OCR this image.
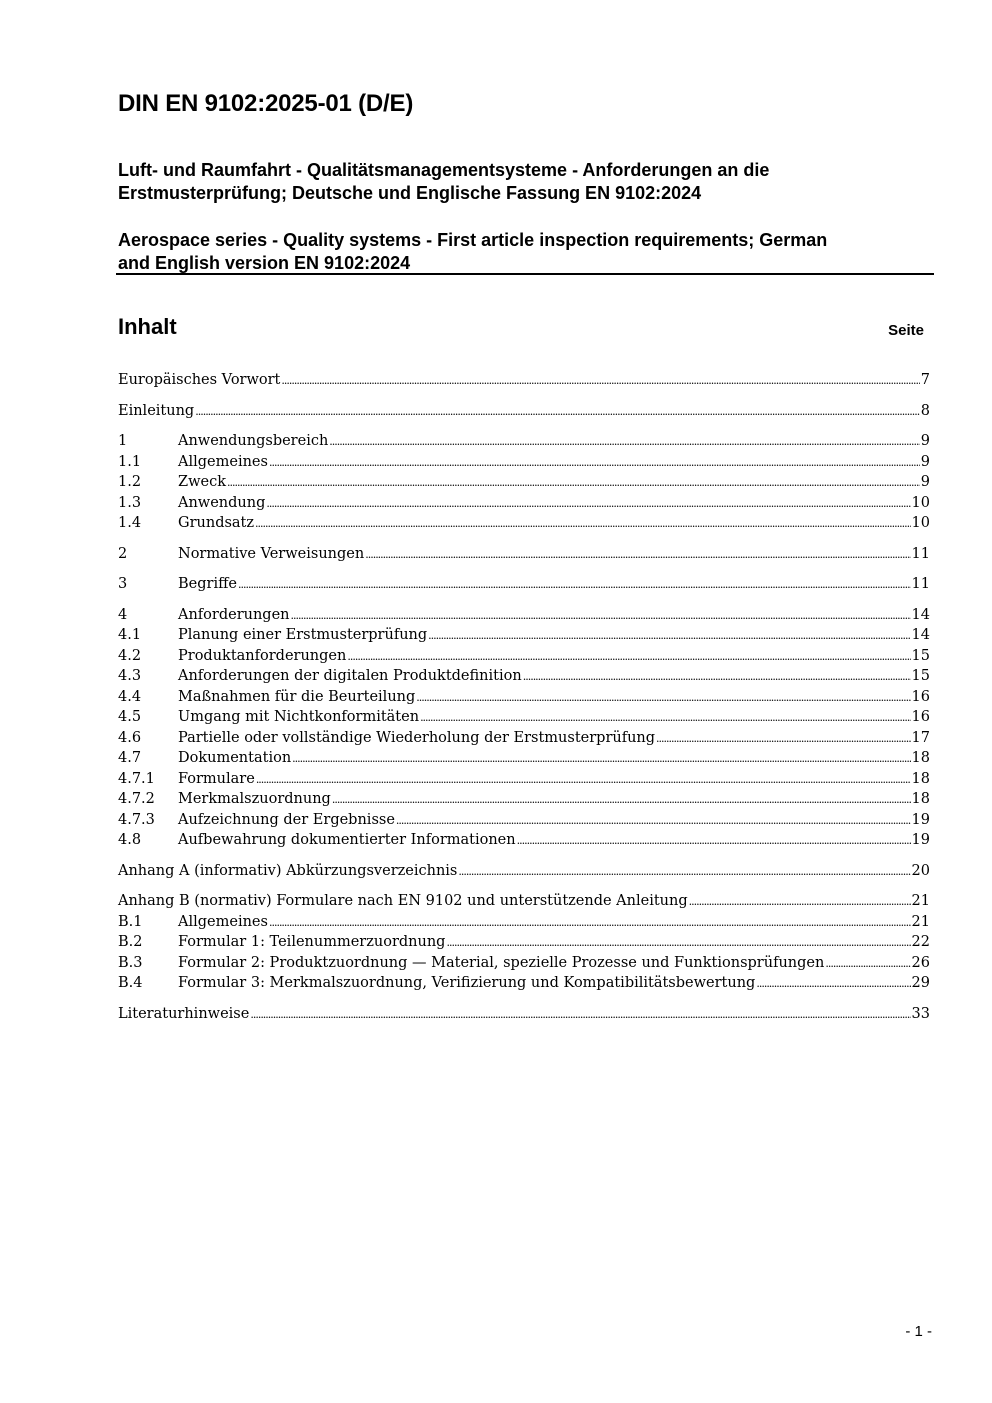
DIN EN 9102:2025-01 (D/E)
Luft- und Raumfahrt - Qualitätsmanagementsysteme - Anforderungen an die
Erstmusterprüfung; Deutsche und Englische Fassung EN 9102:2024
Aerospace series - Quality systems - First article inspection requirements; German
and English version EN 9102:2024
Inhalt	Seite
Europäisches Vorwort .....	7
Einleitung .....	8
1	Anwendungsbereich .....	9
1.1	Allgemeines .....	9
1.2	Zweck .....	9
1.3	Anwendung .....	10
1.4	Grundsatz .....	10
2	Normative Verweisungen .....	11
3	Begriffe .....	11
4	Anforderungen .....	14
4.1	Planung einer Erstmusterprüfung .....	14
4.2	Produktanforderungen .....	15
4.3	Anforderungen der digitalen Produktdefinition .....	15
4.4	Maßnahmen für die Beurteilung .....	16
4.5	Umgang mit Nichtkonformitäten .....	16
4.6	Partielle oder vollständige Wiederholung der Erstmusterprüfung .....	17
4.7	Dokumentation .....	18
4.7.1	Formulare .....	18
4.7.2	Merkmalszuordnung .....	18
4.7.3	Aufzeichnung der Ergebnisse .....	19
4.8	Aufbewahrung dokumentierter Informationen .....	19
Anhang A (informativ) Abkürzungsverzeichnis .....	20
Anhang B (normativ) Formulare nach EN 9102 und unterstützende Anleitung .....	21
B.1	Allgemeines .....	21
B.2	Formular 1: Teilenummerzuordnung .....	22
B.3	Formular 2: Produktzuordnung — Material, spezielle Prozesse und Funktionsprüfungen .....	26
B.4	Formular 3: Merkmalszuordnung, Verifizierung und Kompatibilitätsbewertung .....	29
Literaturhinweise .....	33
- 1 -
